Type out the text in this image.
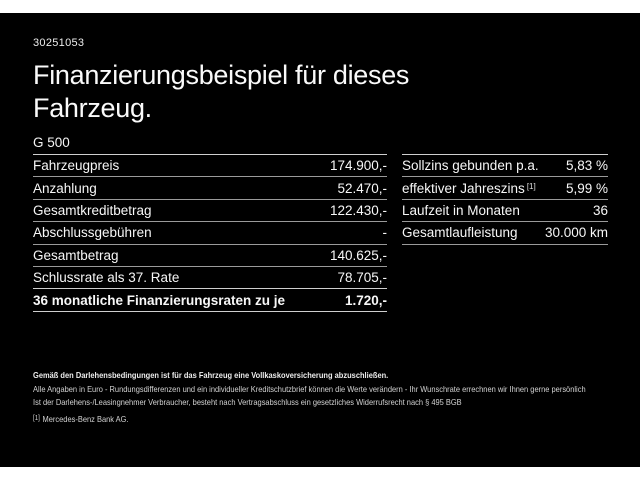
30251053
Finanzierungsbeispiel für dieses
Fahrzeug.
G 500
Fahrzeugpreis	174.900,-
Anzahlung	52.470,-
Gesamtkreditbetrag	122.430,-
Abschlussgebühren	-
Gesamtbetrag	140.625,-
Schlussrate als 37. Rate	78.705,-
36 monatliche Finanzierungsraten zu je	1.720,-
Sollzins gebunden p.a. 5,83 %
effektiver Jahreszins [1] 5,99 %
Laufzeit in Monaten	36
Gesamtlaufleistung 30.000 km
Gemäß den Darlehensbedingungen ist für das Fahrzeug eine Vollkaskoversicherung abzuschließen.
Alle Angaben in Euro - Rundungsdifferenzen und ein individueller Kreditschutzbrief können die Werte verändern - Ihr Wunschrate errechnen wir Ihnen gerne persönlich
Ist der Darlehens-/Leasingnehmer Verbraucher, besteht nach Vertragsabschluss ein gesetzliches Widerrufsrecht nach § 495 BGB
[1] Mercedes-Benz Bank AG.
